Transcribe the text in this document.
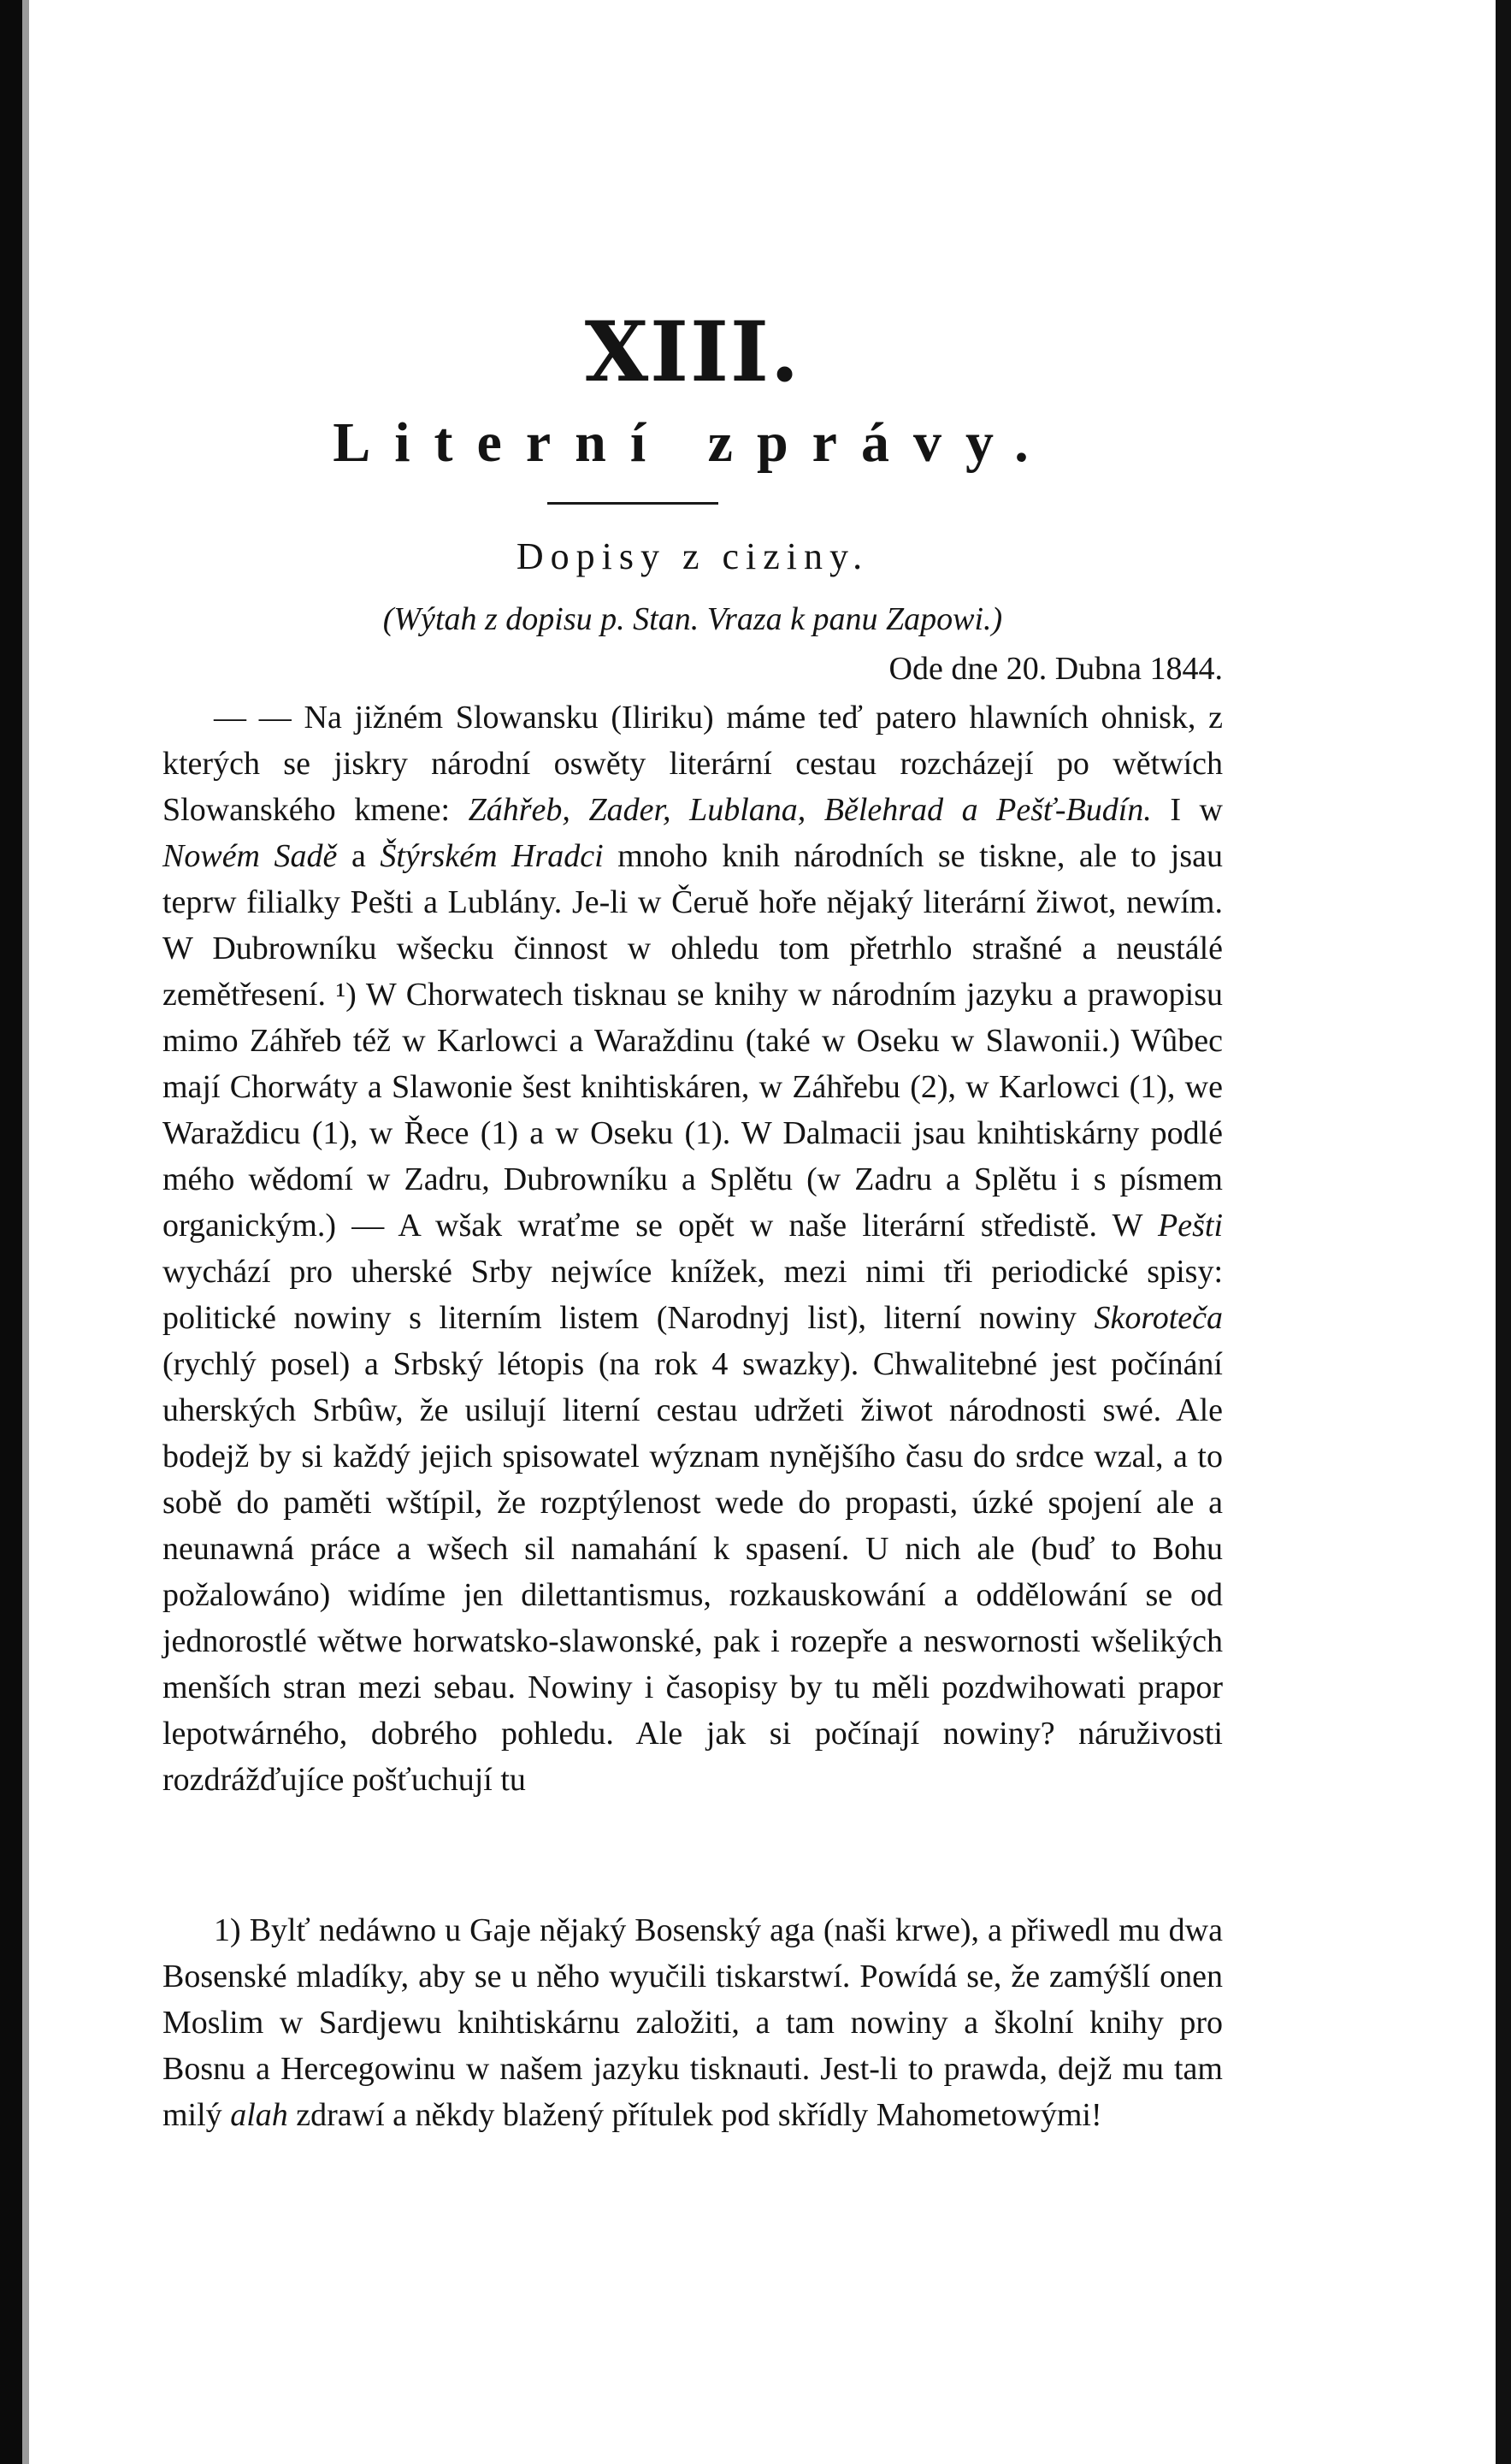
XIII.
Literní zprávy.
Dopisy z ciziny.
(Wýtah z dopisu p. Stan. Vraza k panu Zapowi.)
Ode dne 20. Dubna 1844.

— — Na jižném Slowansku (Iliriku) máme teď patero hlawních ohnisk, z kterých se jiskry národní oswěty literární cestau rozcházejí po wětwích Slowanského kmene: Záhřeb, Zader, Lublana, Bělehrad a Pešť-Budín. I w Nowém Sadě a Štýrském Hradci mnoho knih národních se tiskne, ale to jsau teprw filialky Pešti a Lublány. Je-li w Čeruě hoře nějaký literární žiwot, newím. W Dubrowníku wšecku činnost w ohledu tom přetrhlo strašné a neustálé zemětřesení. ¹) W Chorwatech tisknau se knihy w národním jazyku a prawopisu mimo Záhřeb též w Karlowci a Waraždinu (také w Oseku w Slawonii.) Wûbec mají Chorwáty a Slawonie šest knihtiskáren, w Záhřebu (2), w Karlowci (1), we Waraždicu (1), w Řece (1) a w Oseku (1). W Dalmacii jsau knihtiskárny podlé mého wědomí w Zadru, Dubrowníku a Splětu (w Zadru a Splětu i s písmem organickým.) — A wšak wraťme se opět w naše literární středistě. W Pešti wychází pro uherské Srby nejwíce knížek, mezi nimi tři periodické spisy: politické nowiny s literním listem (Narodnyj list), literní nowiny Skoroteča (rychlý posel) a Srbský létopis (na rok 4 swazky). Chwalitebné jest počínání uherských Srbûw, že usilují literní cestau udržeti žiwot národnosti swé. Ale bodejž by si každý jejich spisowatel wýznam nynějšího času do srdce wzal, a to sobě do paměti wštípil, že rozptýlenost wede do propasti, úzké spojení ale a neunawná práce a wšech sil namahání k spasení. U nich ale (buď to Bohu požalowáno) widíme jen dilettantismus, rozkauskowání a oddělowání se od jednorostlé wětwe horwatsko-slawonské, pak i rozepře a neswornosti wšelikých menších stran mezi sebau. Nowiny i časopisy by tu měli pozdwihowati prapor lepotwárného, dobrého pohledu. Ale jak si počínají nowiny? náruživosti rozdrážďujíce pošťuchují tu

1) Bylť nedáwno u Gaje nějaký Bosenský aga (naši krwe), a přiwedl mu dwa Bosenské mladíky, aby se u něho wyučili tiskarstwí. Powídá se, že zamýšlí onen Moslim w Sardjewu knihtiskárnu založiti, a tam nowiny a školní knihy pro Bosnu a Hercegowinu w našem jazyku tisknauti. Jest-li to prawda, dejž mu tam milý alah zdrawí a někdy blažený přítulek pod skřídly Mahometowými!
